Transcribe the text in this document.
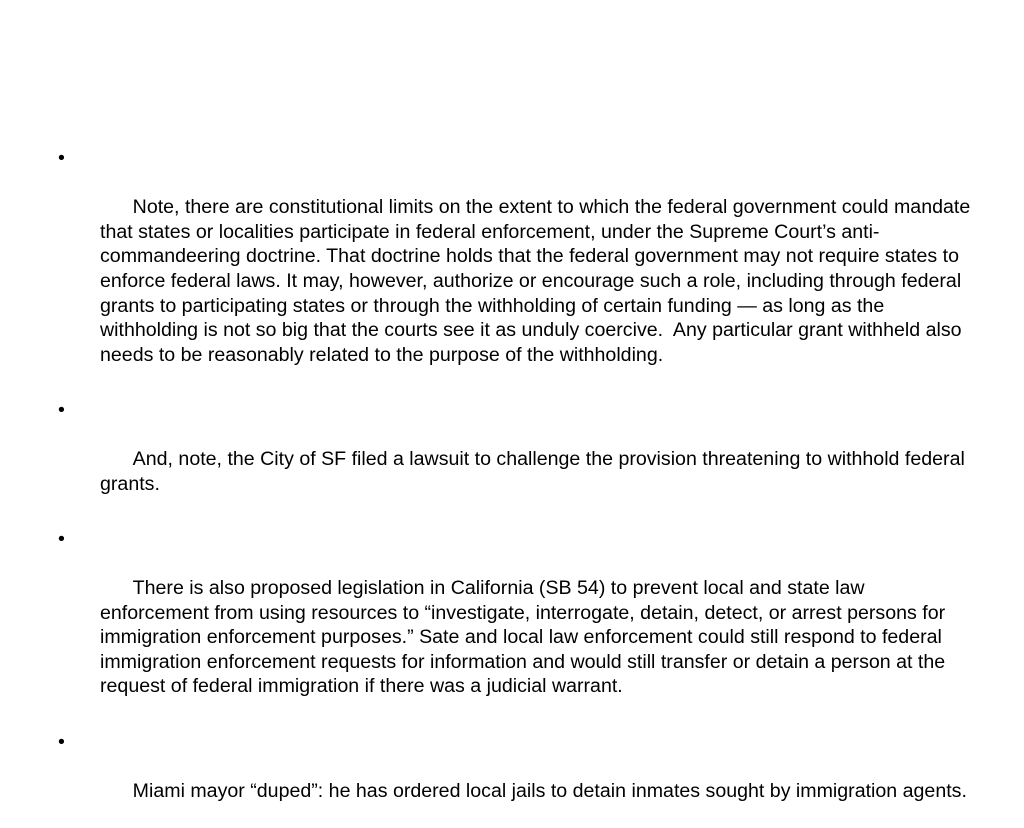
•

Note, there are constitutional limits on the extent to which the federal government could mandate that states or localities participate in federal enforcement, under the Supreme Court’s anti-commandeering doctrine. That doctrine holds that the federal government may not require states to enforce federal laws. It may, however, authorize or encourage such a role, including through federal grants to participating states or through the withholding of certain funding — as long as the withholding is not so big that the courts see it as unduly coercive.  Any particular grant withheld also needs to be reasonably related to the purpose of the withholding.

•

And, note, the City of SF filed a lawsuit to challenge the provision threatening to withhold federal grants.

•

There is also proposed legislation in California (SB 54) to prevent local and state law enforcement from using resources to “investigate, interrogate, detain, detect, or arrest persons for immigration enforcement purposes.” Sate and local law enforcement could still respond to federal immigration enforcement requests for information and would still transfer or detain a person at the request of federal immigration if there was a judicial warrant.

•

Miami mayor “duped”: he has ordered local jails to detain inmates sought by immigration agents.
